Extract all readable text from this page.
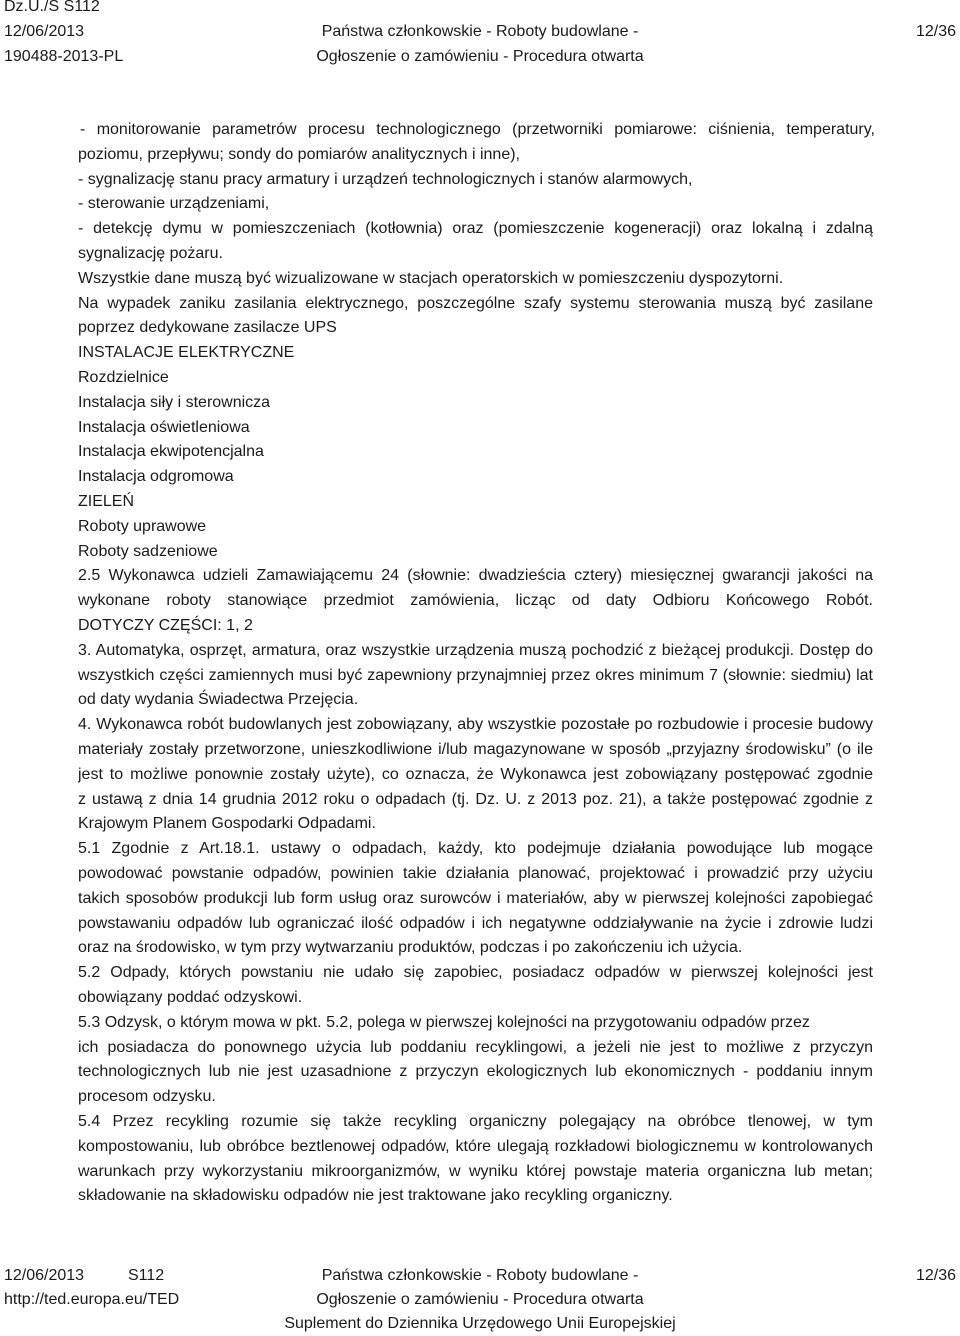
Dz.U./S S112
12/06/2013
190488-2013-PL
Państwa członkowskie - Roboty budowlane -
Ogłoszenie o zamówieniu - Procedura otwarta
12/36
- monitorowanie parametrów procesu technologicznego (przetworniki pomiarowe: ciśnienia, temperatury,
poziomu, przepływu; sondy do pomiarów analitycznych i inne),
- sygnalizację stanu pracy armatury i urządzeń technologicznych i stanów alarmowych,
- sterowanie urządzeniami,
- detekcję dymu w pomieszczeniach (kotłownia) oraz (pomieszczenie kogeneracji) oraz lokalną i zdalną
sygnalizację pożaru.
Wszystkie dane muszą być wizualizowane w stacjach operatorskich w pomieszczeniu dyspozytorni.
Na wypadek zaniku zasilania elektrycznego, poszczególne szafy systemu sterowania muszą być zasilane
poprzez dedykowane zasilacze UPS
INSTALACJE ELEKTRYCZNE
Rozdzielnice
Instalacja siły i sterownicza
Instalacja oświetleniowa
Instalacja ekwipotencjalna
Instalacja odgromowa
ZIELEŃ
Roboty uprawowe
Roboty sadzeniowe
2.5 Wykonawca udzieli Zamawiającemu 24 (słownie: dwadzieścia cztery) miesięcznej gwarancji jakości na
wykonane roboty stanowiące przedmiot zamówienia, licząc od daty Odbioru Końcowego Robót.
DOTYCZY CZĘŚCI: 1, 2
3. Automatyka, osprzęt, armatura, oraz wszystkie urządzenia muszą pochodzić z bieżącej produkcji. Dostęp do
wszystkich części zamiennych musi być zapewniony przynajmniej przez okres minimum 7 (słownie: siedmiu) lat
od daty wydania Świadectwa Przejęcia.
4. Wykonawca robót budowlanych jest zobowiązany, aby wszystkie pozostałe po rozbudowie i procesie budowy
materiały zostały przetworzone, unieszkodliwione i/lub magazynowane w sposób „przyjazny środowisku” (o ile
jest to możliwe ponownie zostały użyte), co oznacza, że Wykonawca jest zobowiązany postępować zgodnie
z ustawą z dnia 14 grudnia 2012 roku o odpadach (tj. Dz. U. z 2013 poz. 21), a także postępować zgodnie z
Krajowym Planem Gospodarki Odpadami.
5.1 Zgodnie z Art.18.1. ustawy o odpadach, każdy, kto podejmuje działania powodujące lub mogące
powodować powstanie odpadów, powinien takie działania planować, projektować i prowadzić przy użyciu
takich sposobów produkcji lub form usług oraz surowców i materiałów, aby w pierwszej kolejności zapobiegać
powstawaniu odpadów lub ograniczać ilość odpadów i ich negatywne oddziaływanie na życie i zdrowie ludzi
oraz na środowisko, w tym przy wytwarzaniu produktów, podczas i po zakończeniu ich użycia.
5.2 Odpady, których powstaniu nie udało się zapobiec, posiadacz odpadów w pierwszej kolejności jest
obowiązany poddać odzyskowi.
5.3 Odzysk, o którym mowa w pkt. 5.2, polega w pierwszej kolejności na przygotowaniu odpadów przez
ich posiadacza do ponownego użycia lub poddaniu recyklingowi, a jeżeli nie jest to możliwe z przyczyn
technologicznych lub nie jest uzasadnione z przyczyn ekologicznych lub ekonomicznych - poddaniu innym
procesom odzysku.
5.4 Przez recykling rozumie się także recykling organiczny polegający na obróbce tlenowej, w tym
kompostowaniu, lub obróbce beztlenowej odpadów, które ulegają rozkładowi biologicznemu w kontrolowanych
warunkach przy wykorzystaniu mikroorganizmów, w wyniku której powstaje materia organiczna lub metan;
składowanie na składowisku odpadów nie jest traktowane jako recykling organiczny.
12/06/2013	S112
http://ted.europa.eu/TED
Państwa członkowskie - Roboty budowlane -
Ogłoszenie o zamówieniu - Procedura otwarta
Suplement do Dziennika Urzędowego Unii Europejskiej
12/36
